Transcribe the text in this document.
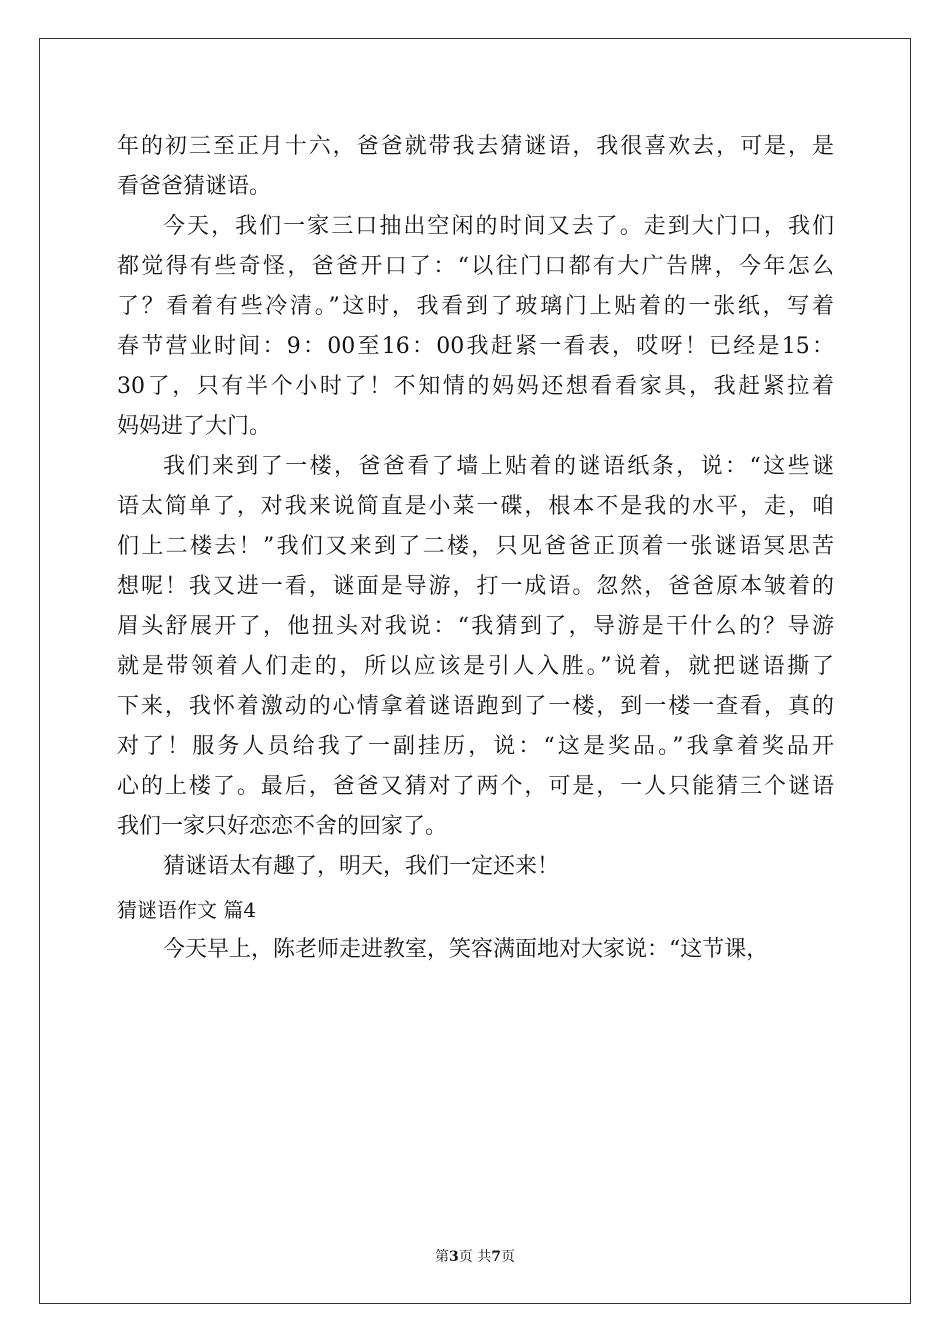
年的初三至正月十六，爸爸就带我去猜谜语，我很喜欢去，可是，是
看爸爸猜谜语。
今天，我们一家三口抽出空闲的时间又去了。走到大门口，我们
都觉得有些奇怪，爸爸开口了：“以往门口都有大广告牌，今年怎么
了？看着有些冷清。”这时，我看到了玻璃门上贴着的一张纸，写着
春节营业时间：9：00至16：00我赶紧一看表，哎呀！已经是15：
30了，只有半个小时了！不知情的妈妈还想看看家具，我赶紧拉着
妈妈进了大门。
我们来到了一楼，爸爸看了墙上贴着的谜语纸条，说：“这些谜
语太简单了，对我来说简直是小菜一碟，根本不是我的水平，走，咱
们上二楼去！”我们又来到了二楼，只见爸爸正顶着一张谜语冥思苦
想呢！我又进一看，谜面是导游，打一成语。忽然，爸爸原本皱着的
眉头舒展开了，他扭头对我说：“我猜到了，导游是干什么的？导游
就是带领着人们走的，所以应该是引人入胜。”说着，就把谜语撕了
下来，我怀着激动的心情拿着谜语跑到了一楼，到一楼一查看，真的
对了！服务人员给我了一副挂历，说：“这是奖品。”我拿着奖品开
心的上楼了。最后，爸爸又猜对了两个，可是，一人只能猜三个谜语
我们一家只好恋恋不舍的回家了。
猜谜语太有趣了，明天，我们一定还来！
猜谜语作文 篇4
今天早上，陈老师走进教室，笑容满面地对大家说：“这节课，
第3页 共7页
